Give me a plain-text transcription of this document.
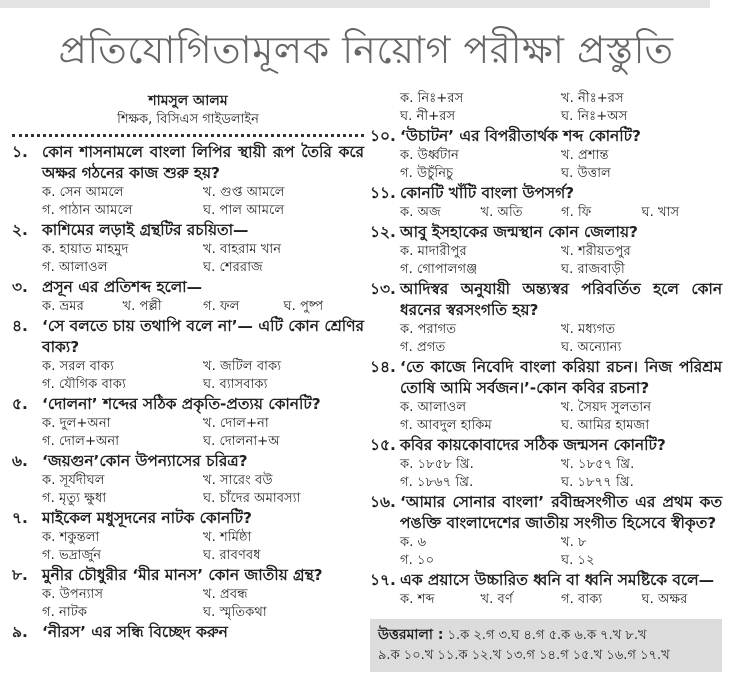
প্রতিযোগিতামূলক নিয়োগ পরীক্ষা প্রস্তুতি
শামসুল আলম
শিক্ষক, বিসিএস গাইডলাইন
১. কোন শাসনামলে বাংলা লিপির স্থায়ী রূপ তৈরি করে অক্ষর গঠনের কাজ শুরু হয়?
ক. সেন আমলে	খ. গুপ্ত আমলে
গ. পাঠান আমলে	ঘ. পাল আমলে
২. কাশিমের লড়াই গ্রন্থটির রচয়িতা—
ক. হায়াত মাহমুদ	খ. বাহরাম খান
গ. আলাওল	ঘ. শেররাজ
৩. প্রসূন এর প্রতিশব্দ হলো—
ক. ভ্রমর	খ. পল্লী	গ. ফল	ঘ. পুষ্প
৪. ‘সে বলতে চায় তথাপি বলে না’— এটি কোন শ্রেণির বাক্য?
ক. সরল বাক্য	খ. জটিল বাক্য
গ. যৌগিক বাক্য	ঘ. ব্যাসবাক্য
৫. ‘দোলনা’ শব্দের সঠিক প্রকৃতি-প্রত্যয় কোনটি?
ক. দুল+অনা	খ. দোল+না
গ. দোল+অনা	ঘ. দোলনা+অ
৬. ‘জয়গুন’কোন উপন্যাসের চরিত্র?
ক. সূর্যদীঘল	খ. সারেং বউ
গ. মৃত্যু ক্ষুধা	ঘ. চাঁদের অমাবস্যা
৭. মাইকেল মধুসূদনের নাটক কোনটি?
ক. শকুন্তলা	খ. শর্মিষ্ঠা
গ. ভদ্রার্জুন	ঘ. রাবণবধ
৮. মুনীর চৌধুরীর ‘মীর মানস’ কোন জাতীয় গ্রন্থ?
ক. উপন্যাস	খ. প্রবন্ধ
গ. নাটক	ঘ. স্মৃতিকথা
৯. ‘নীরস’ এর সন্ধি বিচ্ছেদ করুন
ক. নিঃ+রস	খ. নীঃ+রস
ঘ. নী+রস	ঘ. নিঃ+অস
১০. ‘উচাটন’ এর বিপরীতার্থক শব্দ কোনটি?
ক. উর্ধ্বটান	খ. প্রশান্ত
গ. উচুঁনিচু	ঘ. উত্তাল
১১. কোনটি খাঁটি বাংলা উপসর্গ?
ক. অজ	খ. অতি	গ. ফি	ঘ. খাস
১২. আবু ইসহাকের জন্মস্থান কোন জেলায়?
ক. মাদারীপুর	খ. শরীয়তপুর
গ. গোপালগঞ্জ	ঘ. রাজবাড়ী
১৩. আদিস্বর অনুযায়ী অন্ত্যস্বর পরিবর্তিত হলে কোন ধরনের স্বরসংগতি হয়?
ক. পরাগত	খ. মধ্যগত
গ. প্রগত	ঘ. অন্যোন্য
১৪. ‘তে কাজে নিবেদি বাংলা করিয়া রচন। নিজ পরিশ্রম তোষি আমি সর্বজন।’-কোন কবির রচনা?
ক. আলাওল	খ. সৈয়দ সুলতান
গ. আবদুল হাকিম	ঘ. আমির হামজা
১৫. কবির কায়কোবাদের সঠিক জন্মসন কোনটি?
ক. ১৮৫৮ খ্রি.	খ. ১৮৫৭ খ্রি.
গ. ১৮৬৭ খ্রি.	ঘ. ১৮৭৭ খ্রি.
১৬. ‘আমার সোনার বাংলা’ রবীন্দ্রসংগীত এর প্রথম কত পঙক্তি বাংলাদেশের জাতীয় সংগীত হিসেবে স্বীকৃত?
ক. ৬	খ. ৮
গ. ১০	ঘ. ১২
১৭. এক প্রয়াসে উচ্চারিত ধ্বনি বা ধ্বনি সমষ্টিকে বলে—
ক. শব্দ	খ. বর্ণ	গ. বাক্য	ঘ. অক্ষর
উত্তরমালা : ১.ক ২.গ ৩.ঘ ৪.গ ৫.ক ৬.ক ৭.খ ৮.খ
৯.ক ১০.খ ১১.ক ১২.খ ১৩.গ ১৪.গ ১৫.খ ১৬.গ ১৭.খ
